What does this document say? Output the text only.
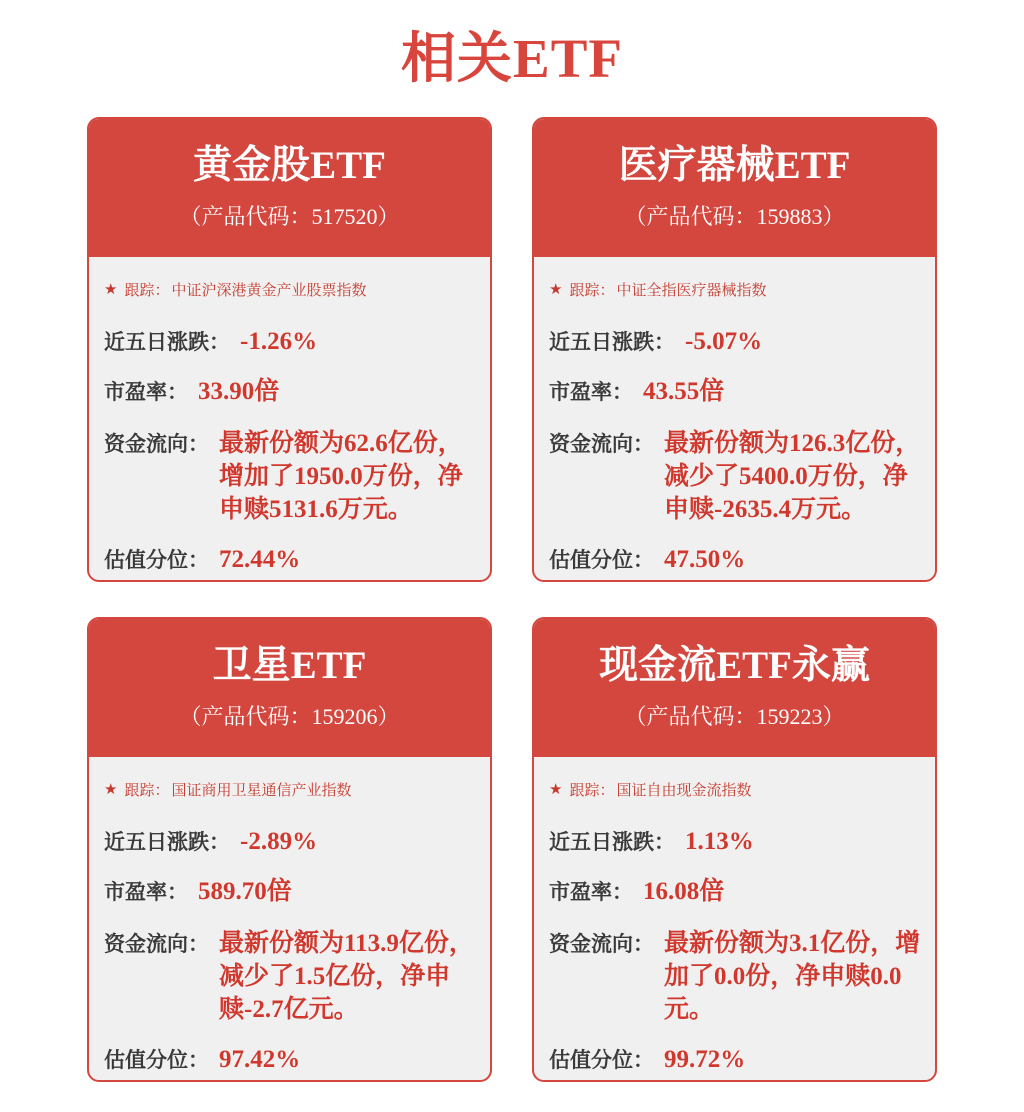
相关ETF
黄金股ETF
（产品代码：517520）
★ 跟踪： 中证沪深港黄金产业股票指数
近五日涨跌： -1.26%
市盈率： 33.90倍
资金流向： 最新份额为62.6亿份，增加了1950.0万份，净申赎5131.6万元。
估值分位： 72.44%
医疗器械ETF
（产品代码：159883）
★ 跟踪： 中证全指医疗器械指数
近五日涨跌： -5.07%
市盈率： 43.55倍
资金流向： 最新份额为126.3亿份，减少了5400.0万份，净申赎-2635.4万元。
估值分位： 47.50%
卫星ETF
（产品代码：159206）
★ 跟踪： 国证商用卫星通信产业指数
近五日涨跌： -2.89%
市盈率： 589.70倍
资金流向： 最新份额为113.9亿份，减少了1.5亿份，净申赎-2.7亿元。
估值分位： 97.42%
现金流ETF永赢
（产品代码：159223）
★ 跟踪： 国证自由现金流指数
近五日涨跌： 1.13%
市盈率： 16.08倍
资金流向： 最新份额为3.1亿份，增加了0.0份，净申赎0.0元。
估值分位： 99.72%
